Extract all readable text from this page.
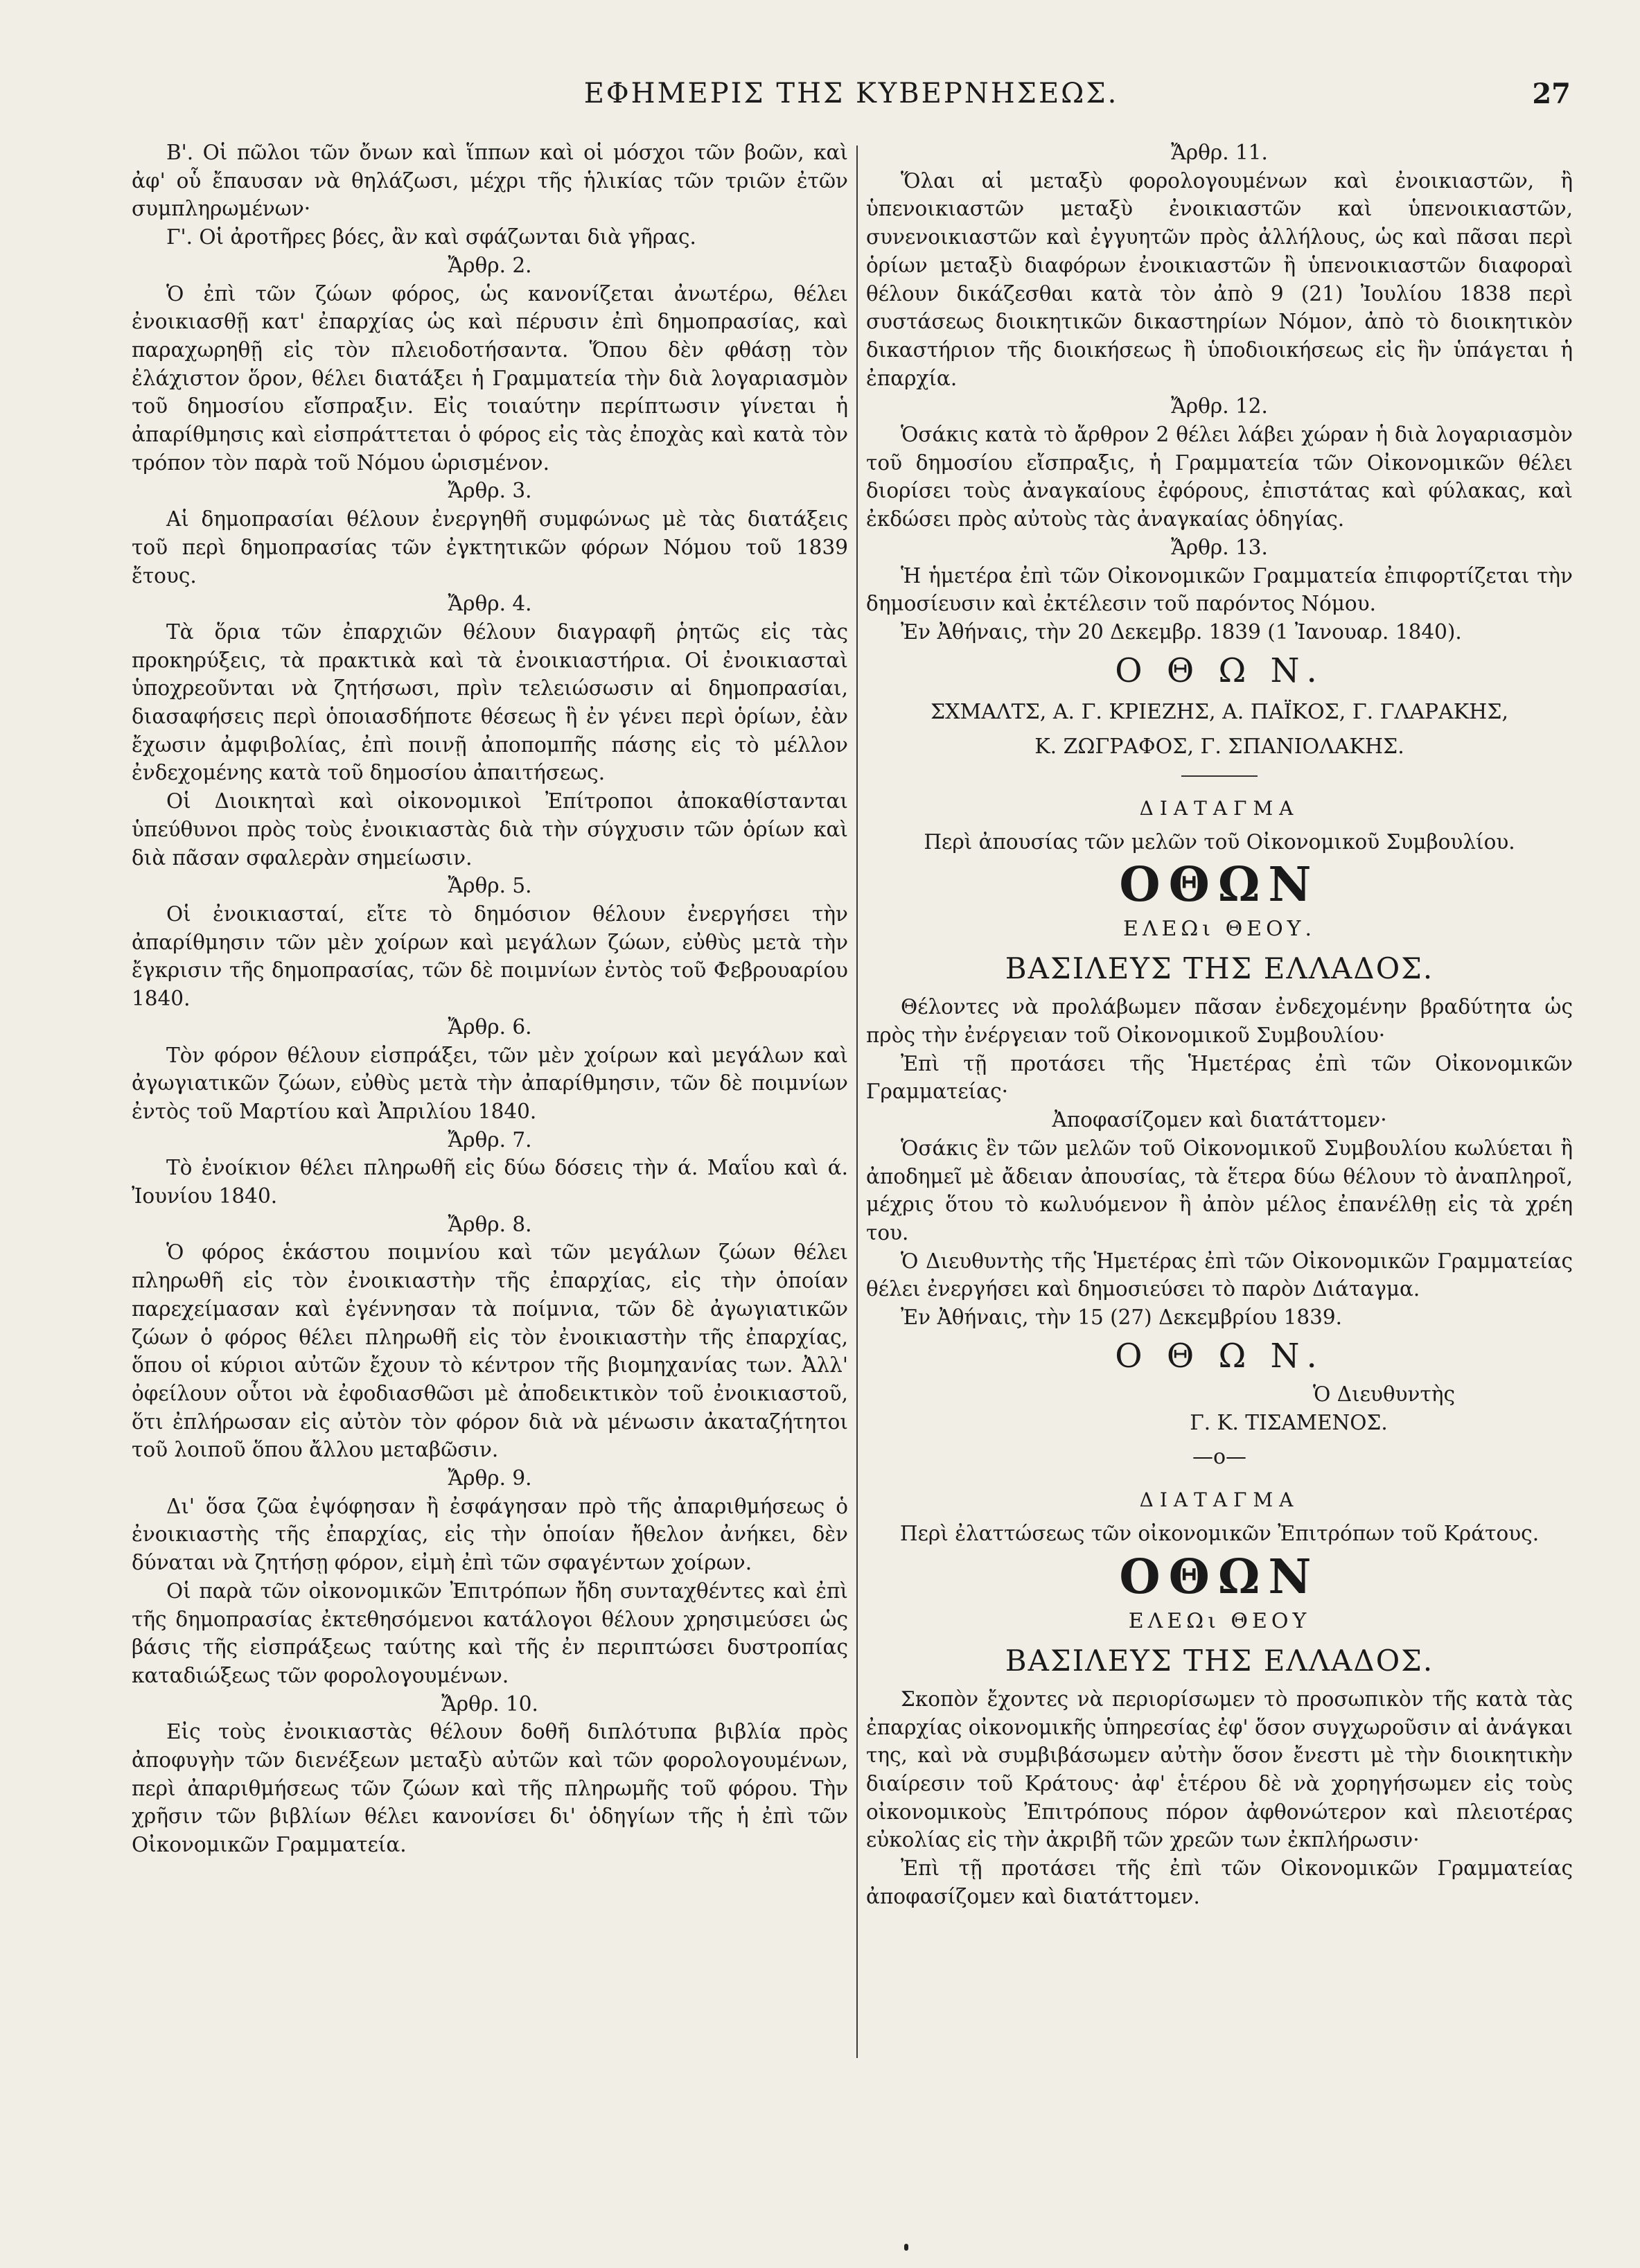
ΕΦΗΜΕΡΙΣ ΤΗΣ ΚΥΒΕΡΝΗΣΕΩΣ.	27

Β'. Οἱ πῶλοι τῶν ὄνων καὶ ἵππων καὶ οἱ μόσχοι τῶν βοῶν, καὶ ἀφ' οὗ ἔπαυσαν νὰ θηλάζωσι, μέχρι τῆς ἡλικίας τῶν τριῶν ἐτῶν συμπληρωμένων·

Γ'. Οἱ ἀροτῆρες βόες, ἂν καὶ σφάζωνται διὰ γῆρας.

Ἄρθρ. 2.

Ὁ ἐπὶ τῶν ζώων φόρος, ὡς κανονίζεται ἀνωτέρω, θέλει ἐνοικιασθῇ κατ' ἐπαρχίας ὡς καὶ πέρυσιν ἐπὶ δημοπρασίας, καὶ παραχωρηθῇ εἰς τὸν πλειοδοτήσαντα. Ὅπου δὲν φθάσῃ τὸν ἐλάχιστον ὅρον, θέλει διατάξει ἡ Γραμματεία τὴν διὰ λογαριασμὸν τοῦ δημοσίου εἴσπραξιν. Εἰς τοιαύτην περίπτωσιν γίνεται ἡ ἀπαρίθμησις καὶ εἰσπράττεται ὁ φόρος εἰς τὰς ἐποχὰς καὶ κατὰ τὸν τρόπον τὸν παρὰ τοῦ Νόμου ὡρισμένον.

Ἄρθρ. 3.

Αἱ δημοπρασίαι θέλουν ἐνεργηθῆ συμφώνως μὲ τὰς διατάξεις τοῦ περὶ δημοπρασίας τῶν ἐγκτητικῶν φόρων Νόμου τοῦ 1839 ἔτους.

Ἄρθρ. 4.

Τὰ ὅρια τῶν ἐπαρχιῶν θέλουν διαγραφῆ ῥητῶς εἰς τὰς προκηρύξεις, τὰ πρακτικὰ καὶ τὰ ἐνοικιαστήρια. Οἱ ἐνοικιασταὶ ὑποχρεοῦνται νὰ ζητήσωσι, πρὶν τελειώσωσιν αἱ δημοπρασίαι, διασαφήσεις περὶ ὁποιασδήποτε θέσεως ἣ ἐν γένει περὶ ὁρίων, ἐὰν ἔχωσιν ἀμφιβολίας, ἐπὶ ποινῇ ἀποπομπῆς πάσης εἰς τὸ μέλλον ἐνδεχομένης κατὰ τοῦ δημοσίου ἀπαιτήσεως.

Οἱ Διοικηταὶ καὶ οἰκονομικοὶ Ἐπίτροποι ἀποκαθίστανται ὑπεύθυνοι πρὸς τοὺς ἐνοικιαστὰς διὰ τὴν σύγχυσιν τῶν ὁρίων καὶ διὰ πᾶσαν σφαλερὰν σημείωσιν.

Ἄρθρ. 5.

Οἱ ἐνοικιασταί, εἴτε τὸ δημόσιον θέλουν ἐνεργήσει τὴν ἀπαρίθμησιν τῶν μὲν χοίρων καὶ μεγάλων ζώων, εὐθὺς μετὰ τὴν ἔγκρισιν τῆς δημοπρασίας, τῶν δὲ ποιμνίων ἐντὸς τοῦ Φεβρουαρίου 1840.

Ἄρθρ. 6.

Τὸν φόρον θέλουν εἰσπράξει, τῶν μὲν χοίρων καὶ μεγάλων καὶ ἀγωγιατικῶν ζώων, εὐθὺς μετὰ τὴν ἀπαρίθμησιν, τῶν δὲ ποιμνίων ἐντὸς τοῦ Μαρτίου καὶ Ἀπριλίου 1840.

Ἄρθρ. 7.

Τὸ ἐνοίκιον θέλει πληρωθῆ εἰς δύω δόσεις τὴν ά. Μαΐου καὶ ά. Ἰουνίου 1840.

Ἄρθρ. 8.

Ὁ φόρος ἑκάστου ποιμνίου καὶ τῶν μεγάλων ζώων θέλει πληρωθῆ εἰς τὸν ἐνοικιαστὴν τῆς ἐπαρχίας, εἰς τὴν ὁποίαν παρεχείμασαν καὶ ἐγέννησαν τὰ ποίμνια, τῶν δὲ ἀγωγιατικῶν ζώων ὁ φόρος θέλει πληρωθῆ εἰς τὸν ἐνοικιαστὴν τῆς ἐπαρχίας, ὅπου οἱ κύριοι αὐτῶν ἔχουν τὸ κέντρον τῆς βιομηχανίας των. Ἀλλ' ὀφείλουν οὗτοι νὰ ἐφοδιασθῶσι μὲ ἀποδεικτικὸν τοῦ ἐνοικιαστοῦ, ὅτι ἐπλήρωσαν εἰς αὐτὸν τὸν φόρον διὰ νὰ μένωσιν ἀκαταζήτητοι τοῦ λοιποῦ ὅπου ἄλλου μεταβῶσιν.

Ἄρθρ. 9.

Δι' ὅσα ζῶα ἐψόφησαν ἢ ἐσφάγησαν πρὸ τῆς ἀπαριθμήσεως ὁ ἐνοικιαστὴς τῆς ἐπαρχίας, εἰς τὴν ὁποίαν ἤθελον ἀνήκει, δὲν δύναται νὰ ζητήσῃ φόρον, εἰμὴ ἐπὶ τῶν σφαγέντων χοίρων.

Οἱ παρὰ τῶν οἰκονομικῶν Ἐπιτρόπων ἤδη συνταχθέντες καὶ ἐπὶ τῆς δημοπρασίας ἐκτεθησόμενοι κατάλογοι θέλουν χρησιμεύσει ὡς βάσις τῆς εἰσπράξεως ταύτης καὶ τῆς ἐν περιπτώσει δυστροπίας καταδιώξεως τῶν φορολογουμένων.

Ἄρθρ. 10.

Εἰς τοὺς ἐνοικιαστὰς θέλουν δοθῆ διπλότυπα βιβλία πρὸς ἀποφυγὴν τῶν διενέξεων μεταξὺ αὐτῶν καὶ τῶν φορολογουμένων, περὶ ἀπαριθμήσεως τῶν ζώων καὶ τῆς πληρωμῆς τοῦ φόρου. Τὴν χρῆσιν τῶν βιβλίων θέλει κανονίσει δι' ὁδηγίων τῆς ἡ ἐπὶ τῶν Οἰκονομικῶν Γραμματεία.

Ἄρθρ. 11.

Ὅλαι αἱ μεταξὺ φορολογουμένων καὶ ἐνοικιαστῶν, ἢ ὑπενοικιαστῶν μεταξὺ ἐνοικιαστῶν καὶ ὑπενοικιαστῶν, συνενοικιαστῶν καὶ ἐγγυητῶν πρὸς ἀλλήλους, ὡς καὶ πᾶσαι περὶ ὁρίων μεταξὺ διαφόρων ἐνοικιαστῶν ἢ ὑπενοικιαστῶν διαφοραὶ θέλουν δικάζεσθαι κατὰ τὸν ἀπὸ 9 (21) Ἰουλίου 1838 περὶ συστάσεως διοικητικῶν δικαστηρίων Νόμον, ἀπὸ τὸ διοικητικὸν δικαστήριον τῆς διοικήσεως ἢ ὑποδιοικήσεως εἰς ἣν ὑπάγεται ἡ ἐπαρχία.

Ἄρθρ. 12.

Ὁσάκις κατὰ τὸ ἄρθρον 2 θέλει λάβει χώραν ἡ διὰ λογαριασμὸν τοῦ δημοσίου εἴσπραξις, ἡ Γραμματεία τῶν Οἰκονομικῶν θέλει διορίσει τοὺς ἀναγκαίους ἐφόρους, ἐπιστάτας καὶ φύλακας, καὶ ἐκδώσει πρὸς αὐτοὺς τὰς ἀναγκαίας ὁδηγίας.

Ἄρθρ. 13.

Ἡ ἡμετέρα ἐπὶ τῶν Οἰκονομικῶν Γραμματεία ἐπιφορτίζεται τὴν δημοσίευσιν καὶ ἐκτέλεσιν τοῦ παρόντος Νόμου.

Ἐν Ἀθήναις, τὴν 20 Δεκεμβρ. 1839 (1 Ἰανουαρ. 1840).

Ο Θ Ω Ν.

ΣΧΜΑΛΤΣ, Α. Γ. ΚΡΙΕΖΗΣ, Α. ΠΑΪΚΟΣ, Γ. ΓΛΑΡΑΚΗΣ,

Κ. ΖΩΓΡΑΦΟΣ, Γ. ΣΠΑΝΙΟΛΑΚΗΣ.

ΔΙΑΤΑΓΜΑ

Περὶ ἀπουσίας τῶν μελῶν τοῦ Οἰκονομικοῦ Συμβουλίου.

ΟΘΩΝ

ΕΛΕΩι ΘΕΟΥ.

ΒΑΣΙΛΕΥΣ ΤΗΣ ΕΛΛΑΔΟΣ.

Θέλοντες νὰ προλάβωμεν πᾶσαν ἐνδεχομένην βραδύτητα ὡς πρὸς τὴν ἐνέργειαν τοῦ Οἰκονομικοῦ Συμβουλίου·

Ἐπὶ τῇ προτάσει τῆς Ἡμετέρας ἐπὶ τῶν Οἰκονομικῶν Γραμματείας·

Ἀποφασίζομεν καὶ διατάττομεν·

Ὁσάκις ἓν τῶν μελῶν τοῦ Οἰκονομικοῦ Συμβουλίου κωλύεται ἢ ἀποδημεῖ μὲ ἄδειαν ἀπουσίας, τὰ ἕτερα δύω θέλουν τὸ ἀναπληροῖ, μέχρις ὅτου τὸ κωλυόμενον ἢ ἀπὸν μέλος ἐπανέλθῃ εἰς τὰ χρέη του.

Ὁ Διευθυντὴς τῆς Ἡμετέρας ἐπὶ τῶν Οἰκονομικῶν Γραμματείας θέλει ἐνεργήσει καὶ δημοσιεύσει τὸ παρὸν Διάταγμα.

Ἐν Ἀθήναις, τὴν 15 (27) Δεκεμβρίου 1839.

Ο Θ Ω Ν.

Ὁ Διευθυντὴς

Γ. Κ. ΤΙΣΑΜΕΝΟΣ.

—o—

ΔΙΑΤΑΓΜΑ

Περὶ ἐλαττώσεως τῶν οἰκονομικῶν Ἐπιτρόπων τοῦ Κράτους.

ΟΘΩΝ

ΕΛΕΩι ΘΕΟΥ

ΒΑΣΙΛΕΥΣ ΤΗΣ ΕΛΛΑΔΟΣ.

Σκοπὸν ἔχοντες νὰ περιορίσωμεν τὸ προσωπικὸν τῆς κατὰ τὰς ἐπαρχίας οἰκονομικῆς ὑπηρεσίας ἐφ' ὅσον συγχωροῦσιν αἱ ἀνάγκαι της, καὶ νὰ συμβιβάσωμεν αὐτὴν ὅσον ἔνεστι μὲ τὴν διοικητικὴν διαίρεσιν τοῦ Κράτους· ἀφ' ἑτέρου δὲ νὰ χορηγήσωμεν εἰς τοὺς οἰκονομικοὺς Ἐπιτρόπους πόρον ἀφθονώτερον καὶ πλειοτέρας εὐκολίας εἰς τὴν ἀκριβῆ τῶν χρεῶν των ἐκπλήρωσιν·

Ἐπὶ τῇ προτάσει τῆς ἐπὶ τῶν Οἰκονομικῶν Γραμματείας ἀποφασίζομεν καὶ διατάττομεν.
